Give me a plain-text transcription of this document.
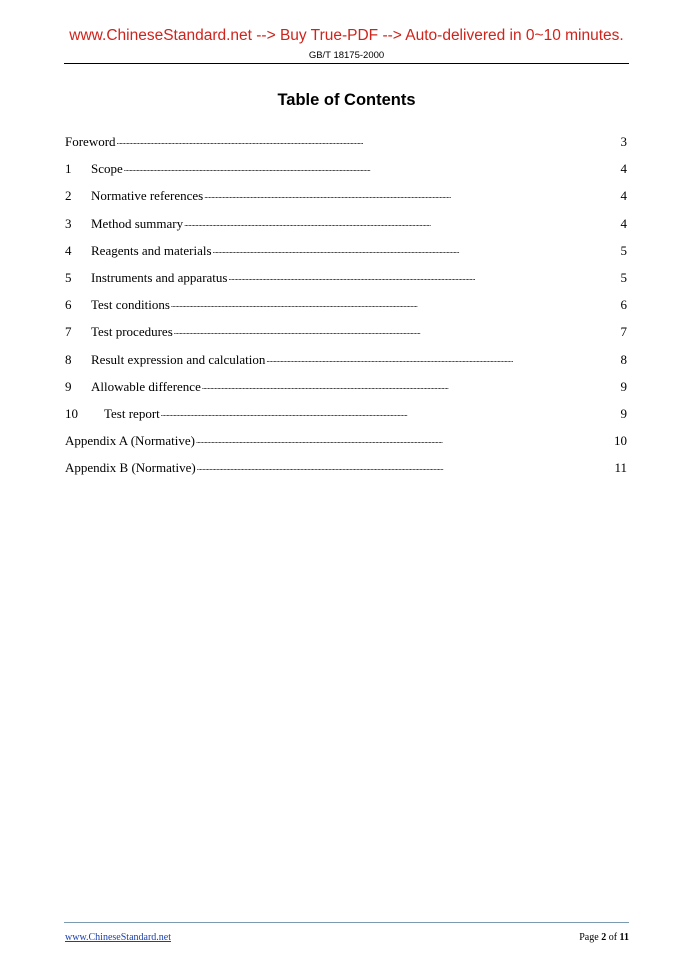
www.ChineseStandard.net --> Buy True-PDF --> Auto-delivered in 0~10 minutes.
GB/T 18175-2000
Table of Contents
Foreword . . .	3
1	Scope . . .	4
2	Normative references . . .	4
3	Method summary . . .	4
4	Reagents and materials . . .	5
5	Instruments and apparatus . . .	5
6	Test conditions . . .	6
7	Test procedures . . .	7
8	Result expression and calculation . . .	8
9	Allowable difference . . .	9
10	Test report . . .	9
Appendix A (Normative) . . .	10
Appendix B (Normative) . . .	11
www.ChineseStandard.net	Page 2 of 11
